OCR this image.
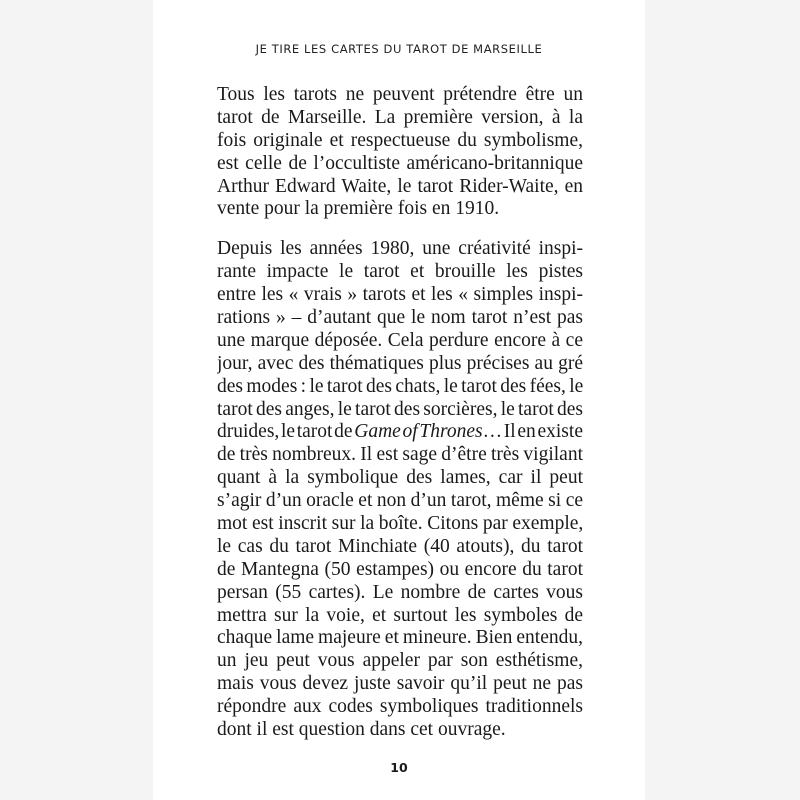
JE TIRE LES CARTES DU TAROT DE MARSEILLE
Tous les tarots ne peuvent prétendre être un
tarot de Marseille. La première version, à la
fois originale et respectueuse du symbolisme,
est celle de l’occultiste américano-britannique
Arthur Edward Waite, le tarot Rider-Waite, en
vente pour la première fois en 1910.
Depuis les années 1980, une créativité inspi-
rante impacte le tarot et brouille les pistes
entre les « vrais » tarots et les « simples inspi-
rations » – d’autant que le nom tarot n’est pas
une marque déposée. Cela perdure encore à ce
jour, avec des thématiques plus précises au gré
des modes : le tarot des chats, le tarot des fées, le
tarot des anges, le tarot des sorcières, le tarot des
druides, le tarot de Game of Thrones… Il en existe
de très nombreux. Il est sage d’être très vigilant
quant à la symbolique des lames, car il peut
s’agir d’un oracle et non d’un tarot, même si ce
mot est inscrit sur la boîte. Citons par exemple,
le cas du tarot Minchiate (40 atouts), du tarot
de Mantegna (50 estampes) ou encore du tarot
persan (55 cartes). Le nombre de cartes vous
mettra sur la voie, et surtout les symboles de
chaque lame majeure et mineure. Bien entendu,
un jeu peut vous appeler par son esthétisme,
mais vous devez juste savoir qu’il peut ne pas
répondre aux codes symboliques traditionnels
dont il est question dans cet ouvrage.
10
